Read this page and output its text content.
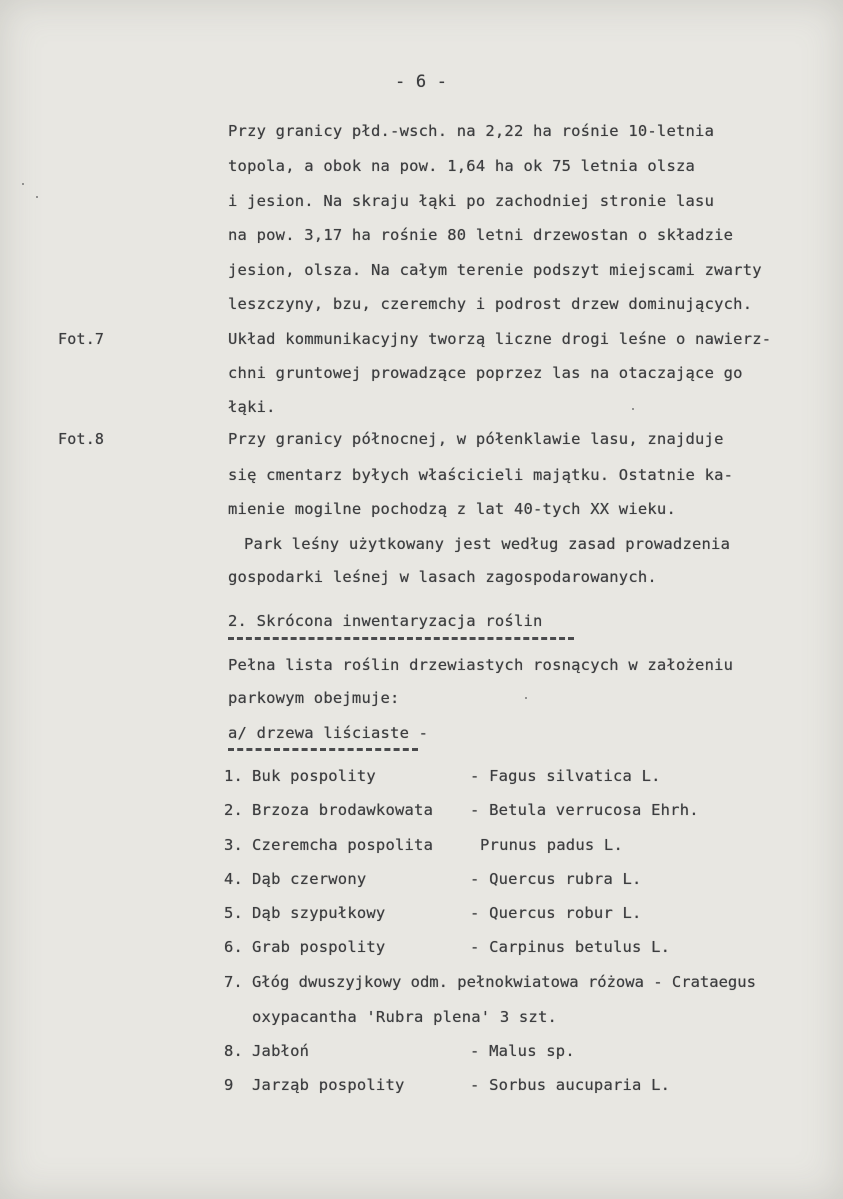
- 6 -
Fot.7
Fot.8
Przy granicy płd.-wsch. na 2,22 ha rośnie 10-letnia
topola, a obok na pow. 1,64 ha ok 75 letnia olsza
i jesion. Na skraju łąki po zachodniej stronie lasu
na pow. 3,17 ha rośnie 80 letni drzewostan o składzie
jesion, olsza. Na całym terenie podszyt miejscami zwarty
leszczyny, bzu, czeremchy i podrost drzew dominujących.
Układ kommunikacyjny tworzą liczne drogi leśne o nawierz-
chni gruntowej prowadzące poprzez las na otaczające go
łąki.
Przy granicy północnej, w półenklawie lasu, znajduje
się cmentarz byłych właścicieli majątku. Ostatnie ka-
mienie mogilne pochodzą z lat 40-tych XX wieku.
Park leśny użytkowany jest według zasad prowadzenia
gospodarki leśnej w lasach zagospodarowanych.
2. Skrócona inwentaryzacja roślin
Pełna lista roślin drzewiastych rosnących w założeniu
parkowym obejmuje:
a/ drzewa liściaste -
1. Buk pospolity	- Fagus silvatica L.
2. Brzoza brodawkowata - Betula verrucosa Ehrh.
3. Czeremcha pospolita	Prunus padus L.
4. Dąb czerwony	- Quercus rubra L.
5. Dąb szypułkowy	- Quercus robur L.
6. Grab pospolity	- Carpinus betulus L.
7. Głóg dwuszyjkowy odm. pełnokwiatowa różowa - Crataegus
oxypacantha 'Rubra plena' 3 szt.
8. Jabłoń	- Malus sp.
9 Jarząb pospolity	- Sorbus aucuparia L.
